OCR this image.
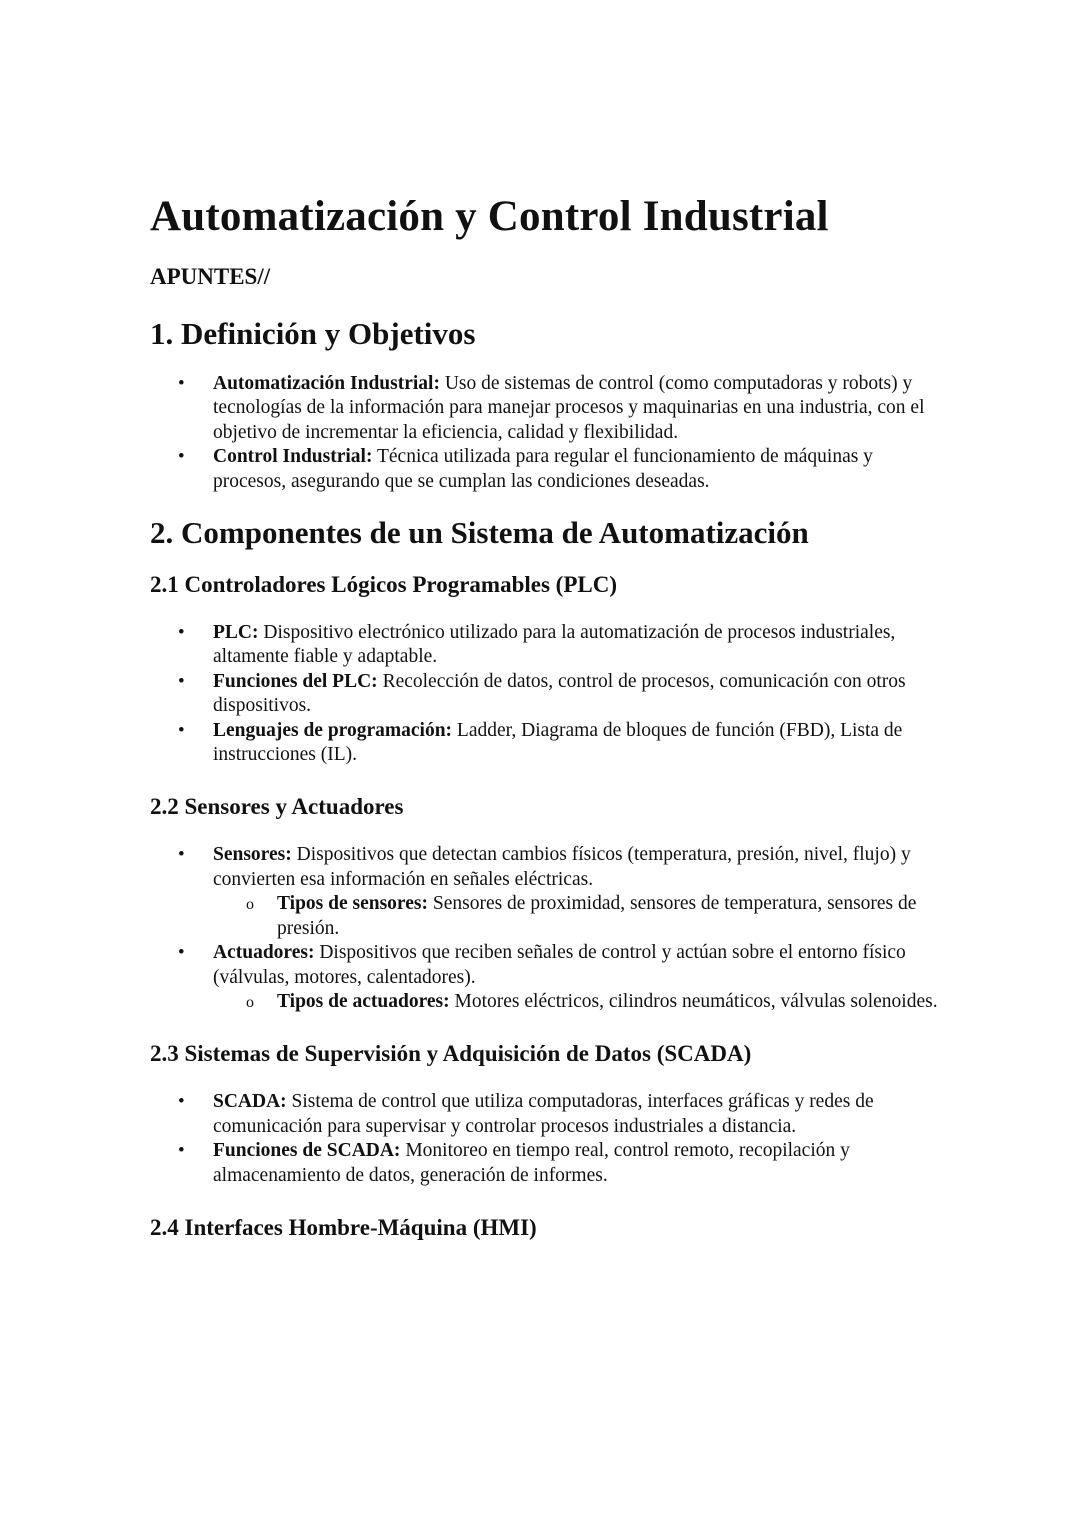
Automatización y Control Industrial
APUNTES//
1. Definición y Objetivos
• Automatización Industrial: Uso de sistemas de control (como computadoras y robots) y tecnologías de la información para manejar procesos y maquinarias en una industria, con el objetivo de incrementar la eficiencia, calidad y flexibilidad.
• Control Industrial: Técnica utilizada para regular el funcionamiento de máquinas y procesos, asegurando que se cumplan las condiciones deseadas.
2. Componentes de un Sistema de Automatización
2.1 Controladores Lógicos Programables (PLC)
• PLC: Dispositivo electrónico utilizado para la automatización de procesos industriales, altamente fiable y adaptable.
• Funciones del PLC: Recolección de datos, control de procesos, comunicación con otros dispositivos.
• Lenguajes de programación: Ladder, Diagrama de bloques de función (FBD), Lista de instrucciones (IL).
2.2 Sensores y Actuadores
• Sensores: Dispositivos que detectan cambios físicos (temperatura, presión, nivel, flujo) y convierten esa información en señales eléctricas.
o Tipos de sensores: Sensores de proximidad, sensores de temperatura, sensores de presión.
• Actuadores: Dispositivos que reciben señales de control y actúan sobre el entorno físico (válvulas, motores, calentadores).
o Tipos de actuadores: Motores eléctricos, cilindros neumáticos, válvulas solenoides.
2.3 Sistemas de Supervisión y Adquisición de Datos (SCADA)
• SCADA: Sistema de control que utiliza computadoras, interfaces gráficas y redes de comunicación para supervisar y controlar procesos industriales a distancia.
• Funciones de SCADA: Monitoreo en tiempo real, control remoto, recopilación y almacenamiento de datos, generación de informes.
2.4 Interfaces Hombre-Máquina (HMI)
